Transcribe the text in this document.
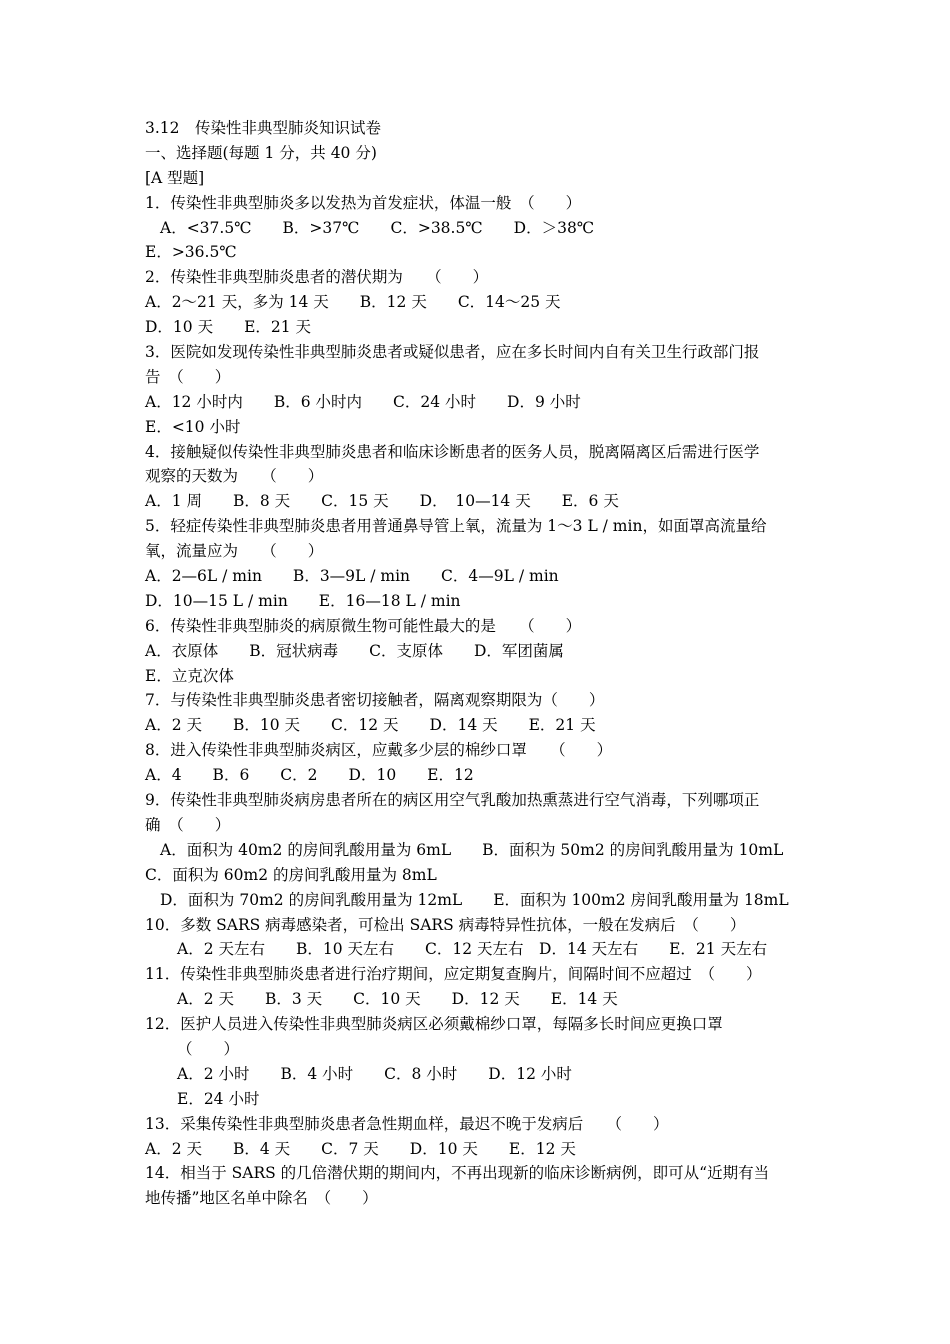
3.12　传染性非典型肺炎知识试卷
一、选择题(每题 1 分，共 40 分)
[A 型题]
1．传染性非典型肺炎多以发热为首发症状，体温一般　（　　）
A．<37.5℃　　B．>37℃　　C．>38.5℃　　D．＞38℃
E．>36.5℃
2．传染性非典型肺炎患者的潜伏期为　　（　　）
A．2～21 天，多为 14 天　　B．12 天　　C．14～25 天
D．10 天　　E．21 天
3．医院如发现传染性非典型肺炎患者或疑似患者，应在多长时间内自有关卫生行政部门报
告　（　　）
A．12 小时内　　B．6 小时内　　C．24 小时　　D．9 小时
E．<10 小时
4．接触疑似传染性非典型肺炎患者和临床诊断患者的医务人员，脱离隔离区后需进行医学
观察的天数为　　（　　）
A．1 周　　B．8 天　　C．15 天　　D．　10—14 天　　E．6 天
5．轻症传染性非典型肺炎患者用普通鼻导管上氧，流量为 1～3 L / min，如面罩高流量给
氧，流量应为　　（　　）
A．2—6L / min　　B．3—9L / min　　C．4—9L / min
D．10—15 L / min　　E．16—18 L / min
6．传染性非典型肺炎的病原微生物可能性最大的是　　（　　）
A．衣原体　　B．冠状病毒　　C．支原体　　D．军团菌属
E．立克次体
7．与传染性非典型肺炎患者密切接触者，隔离观察期限为（　　）
A．2 天　　B．10 天　　C．12 天　　D．14 天　　E．21 天
8．进入传染性非典型肺炎病区，应戴多少层的棉纱口罩　　（　　）
A．4　　B．6　　C．2　　D．10　　E．12
9．传染性非典型肺炎病房患者所在的病区用空气乳酸加热熏蒸进行空气消毒，下列哪项正
确　（　　）
A．面积为 40m2 的房间乳酸用量为 6mL　　B．面积为 50m2 的房间乳酸用量为 10mL
C．面积为 60m2 的房间乳酸用量为 8mL
D．面积为 70m2 的房间乳酸用量为 12mL　　E．面积为 100m2 房间乳酸用量为 18mL
10．多数 SARS 病毒感染者，可检出 SARS 病毒特异性抗体，一般在发病后　（　　）
A．2 天左右　　B．10 天左右　　C．12 天左右　D．14 天左右　　E．21 天左右
11．传染性非典型肺炎患者进行治疗期间，应定期复查胸片，间隔时间不应超过　（　　）
A．2 天　　B．3 天　　C．10 天　　D．12 天　　E．14 天
12．医护人员进入传染性非典型肺炎病区必须戴棉纱口罩，每隔多长时间应更换口罩
（　　）
A．2 小时　　B．4 小时　　C．8 小时　　D．12 小时
E．24 小时
13．采集传染性非典型肺炎患者急性期血样，最迟不晚于发病后　　（　　）
A．2 天　　B．4 天　　C．7 天　　D．10 天　　E．12 天
14．相当于 SARS 的几倍潜伏期的期间内，不再出现新的临床诊断病例，即可从“近期有当
地传播”地区名单中除名　（　　）
